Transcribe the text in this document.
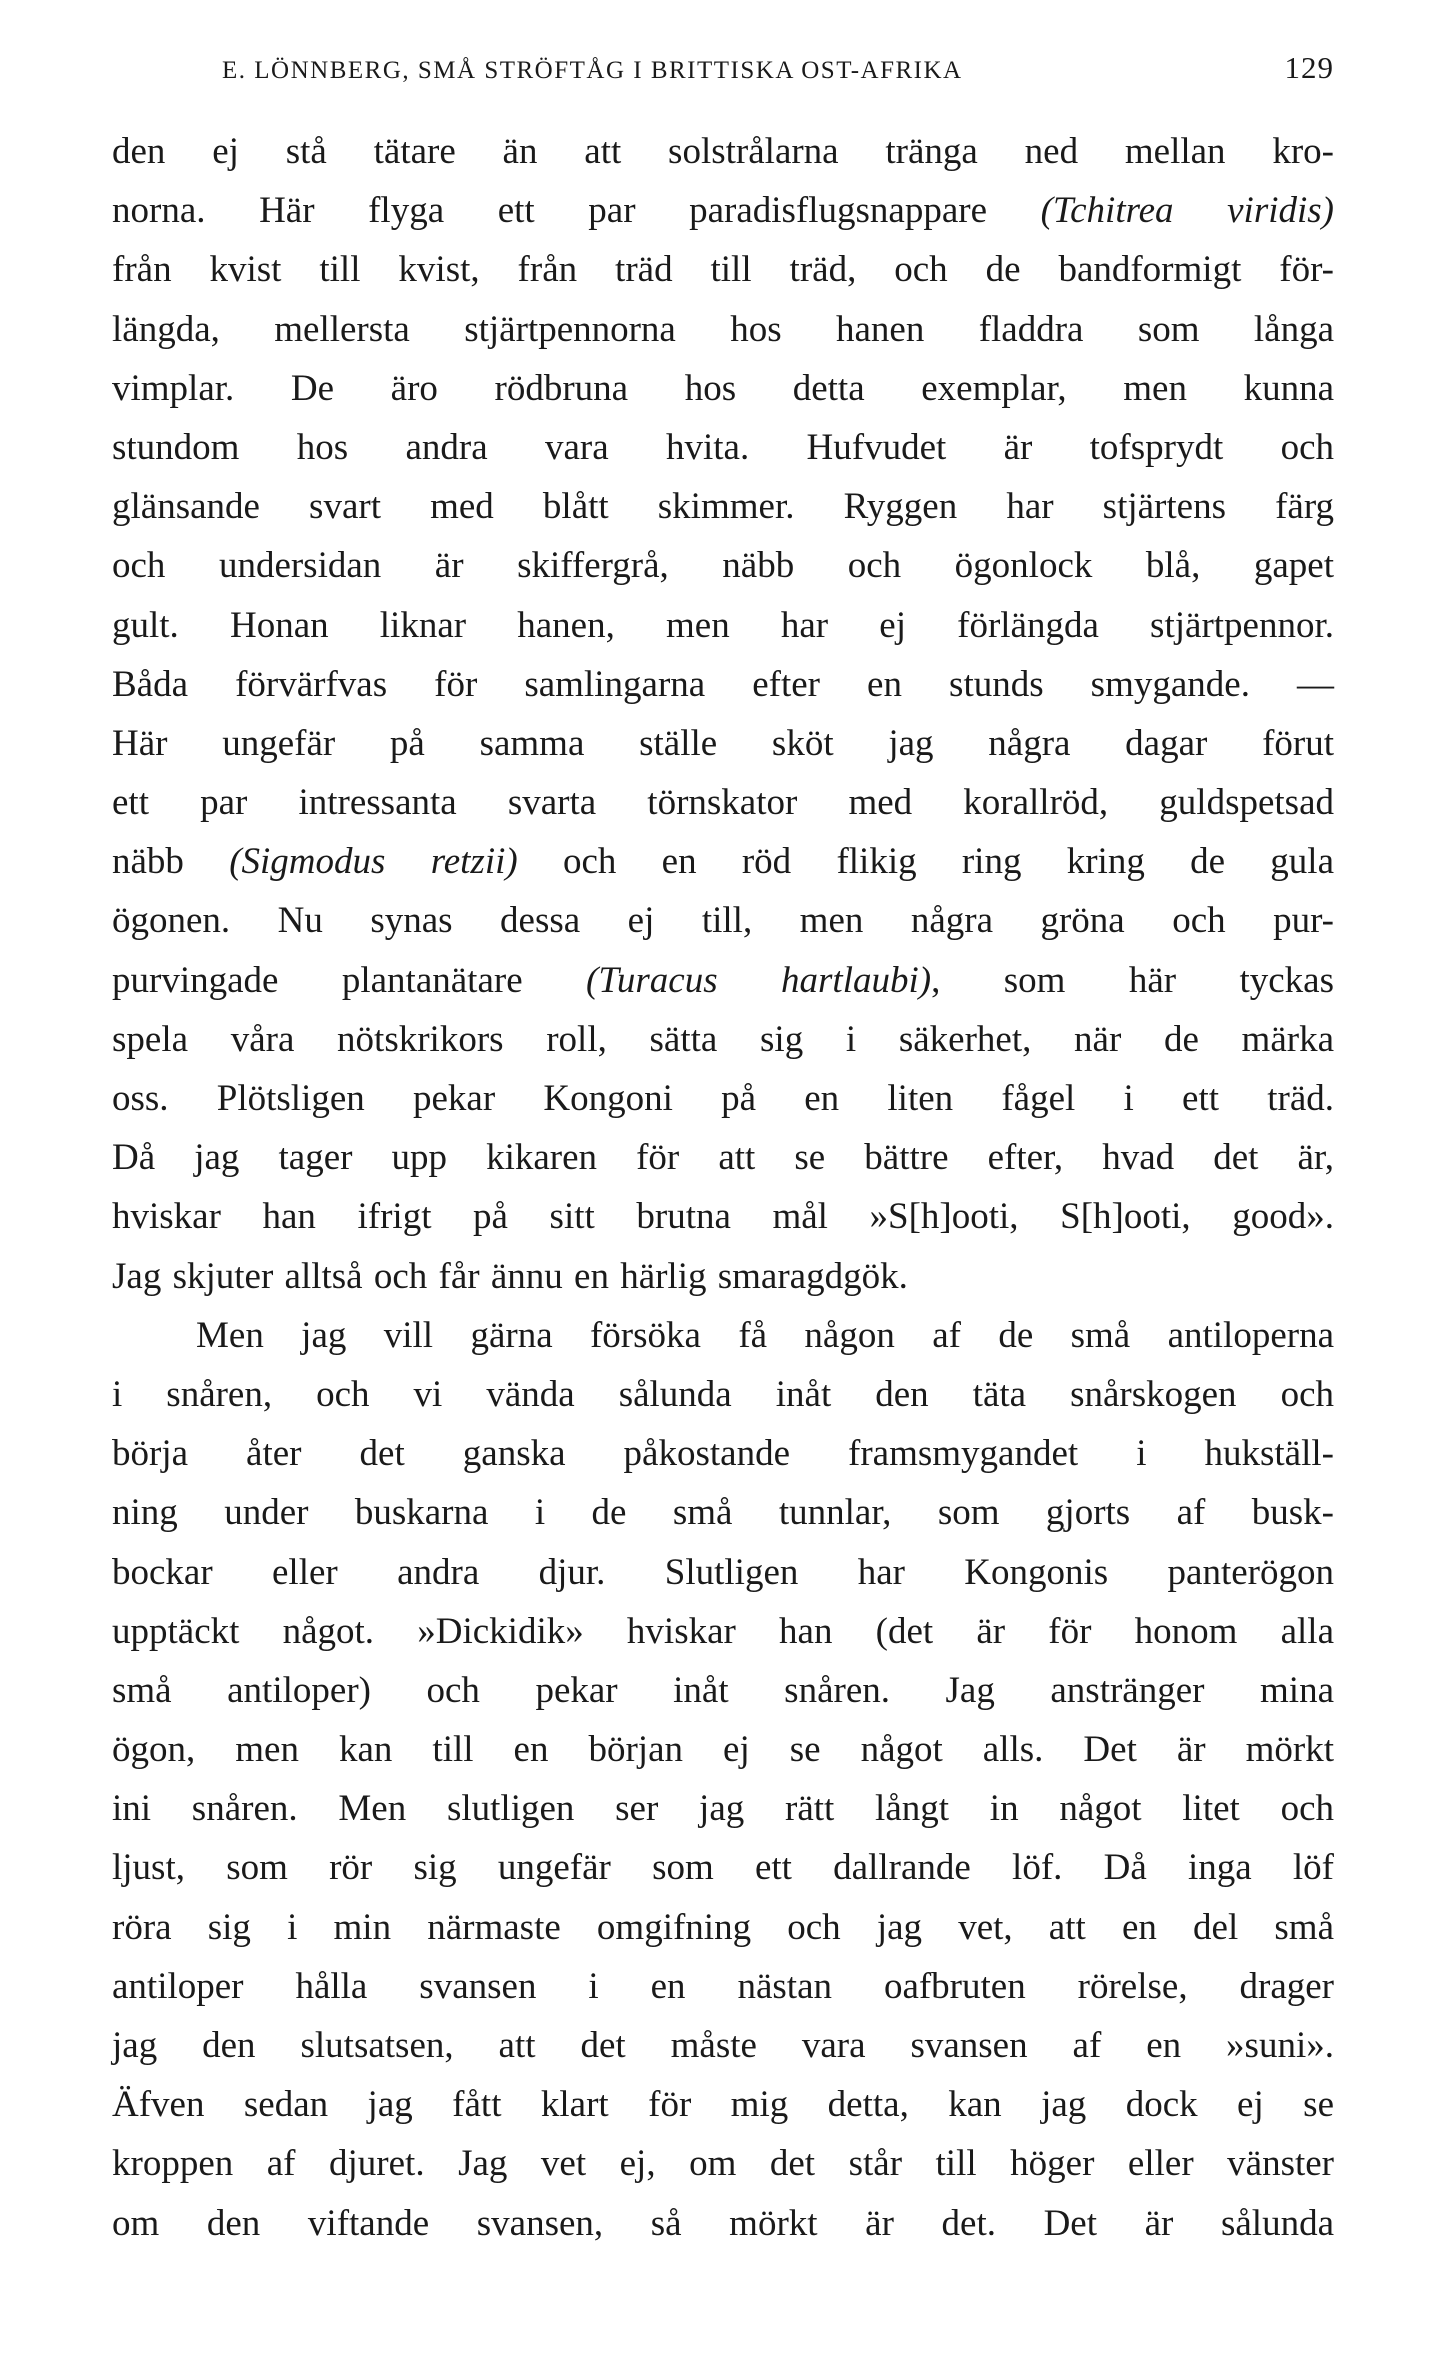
E. LÖNNBERG, SMÅ STRÖFTÅG I BRITTISKA OST-AFRIKA	129
den ej stå tätare än att solstrålarna tränga ned mellan kro-
norna. Här flyga ett par paradisflugsnappare (Tchitrea viridis)
från kvist till kvist, från träd till träd, och de bandformigt för-
längda, mellersta stjärtpennorna hos hanen fladdra som långa
vimplar. De äro rödbruna hos detta exemplar, men kunna
stundom hos andra vara hvita. Hufvudet är tofsprydt och
glänsande svart med blått skimmer. Ryggen har stjärtens färg
och undersidan är skiffergrå, näbb och ögonlock blå, gapet
gult. Honan liknar hanen, men har ej förlängda stjärtpennor.
Båda förvärfvas för samlingarna efter en stunds smygande. —
Här ungefär på samma ställe sköt jag några dagar förut
ett par intressanta svarta törnskator med korallröd, guldspetsad
näbb (Sigmodus retzii) och en röd flikig ring kring de gula
ögonen. Nu synas dessa ej till, men några gröna och pur-
purvingade plantanätare (Turacus hartlaubi), som här tyckas
spela våra nötskrikors roll, sätta sig i säkerhet, när de märka
oss. Plötsligen pekar Kongoni på en liten fågel i ett träd.
Då jag tager upp kikaren för att se bättre efter, hvad det är,
hviskar han ifrigt på sitt brutna mål »S[h]ooti, S[h]ooti, good».
Jag skjuter alltså och får ännu en härlig smaragdgök.
Men jag vill gärna försöka få någon af de små antiloperna
i snåren, och vi vända sålunda inåt den täta snårskogen och
börja åter det ganska påkostande framsmygandet i hukställ-
ning under buskarna i de små tunnlar, som gjorts af busk-
bockar eller andra djur. Slutligen har Kongonis panterögon
upptäckt något. »Dickidik» hviskar han (det är för honom alla
små antiloper) och pekar inåt snåren. Jag anstränger mina
ögon, men kan till en början ej se något alls. Det är mörkt
ini snåren. Men slutligen ser jag rätt långt in något litet och
ljust, som rör sig ungefär som ett dallrande löf. Då inga löf
röra sig i min närmaste omgifning och jag vet, att en del små
antiloper hålla svansen i en nästan oafbruten rörelse, drager
jag den slutsatsen, att det måste vara svansen af en »suni».
Äfven sedan jag fått klart för mig detta, kan jag dock ej se
kroppen af djuret. Jag vet ej, om det står till höger eller vänster
om den viftande svansen, så mörkt är det. Det är sålunda
